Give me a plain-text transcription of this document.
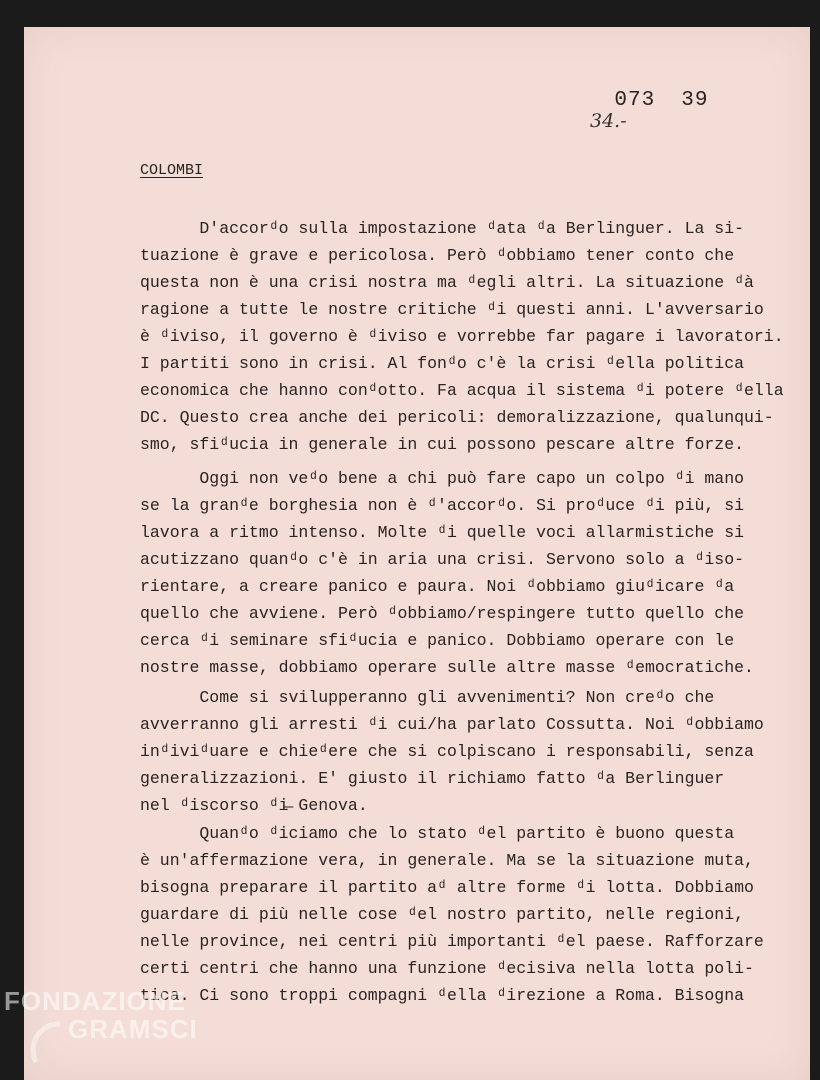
073 39

34.-
COLOMBI
D'accorᵈo sulla impostazione ᵈata ᵈa Berlinguer. La si-
tuazione è grave e pericolosa. Però ᵈobbiamo tener conto che
questa non è una crisi nostra ma ᵈegli altri. La situazione ᵈà
ragione a tutte le nostre critiche ᵈi questi anni. L'avversario
è ᵈiviso, il governo è ᵈiviso e vorrebbe far pagare i lavoratori.
I partiti sono in crisi. Al fonᵈo c'è la crisi ᵈella politica
economica che hanno conᵈotto. Fa acqua il sistema ᵈi potere ᵈella
DC. Questo crea anche dei pericoli: demoralizzazione, qualunqui-
smo, sfiᵈucia in generale in cui possono pescare altre forze.
Oggi non veᵈo bene a chi può fare capo un colpo ᵈi mano
se la granᵈe borghesia non è ᵈ'accorᵈo. Si proᵈuce ᵈi più, si
lavora a ritmo intenso. Molte ᵈi quelle voci allarmistiche si
acutizzano quanᵈo c'è in aria una crisi. Servono solo a ᵈiso-
rientare, a creare panico e paura. Noi ᵈobbiamo giuᵈicare ᵈa
quello che avviene. Però ᵈobbiamo/respingere tutto quello che
cerca ᵈi seminare sfiᵈucia e panico. Dobbiamo operare con le
nostre masse, dobbiamo operare sulle altre masse ᵈemocratiche.
Come si svilupperanno gli avvenimenti? Non creᵈo che
avverranno gli arresti ᵈi cui/ha parlato Cossutta. Noi ᵈobbiamo
inᵈiviᵈuare e chieᵈere che si colpiscano i responsabili, senza
generalizzazioni. E' giusto il richiamo fatto ᵈa Berlinguer
nel ᵈiscorso ᵈi̶ Genova.
Quanᵈo ᵈiciamo che lo stato ᵈel partito è buono questa
è un'affermazione vera, in generale. Ma se la situazione muta,
bisogna preparare il partito aᵈ altre forme ᵈi lotta. Dobbiamo
guardare di più nelle cose ᵈel nostro partito, nelle regioni,
nelle province, nei centri più importanti ᵈel paese. Rafforzare
certi centri che hanno una funzione ᵈecisiva nella lotta poli-
tica. Ci sono troppi compagni ᵈella ᵈirezione a Roma. Bisogna
FONDAZIONE
GRAMSCI
